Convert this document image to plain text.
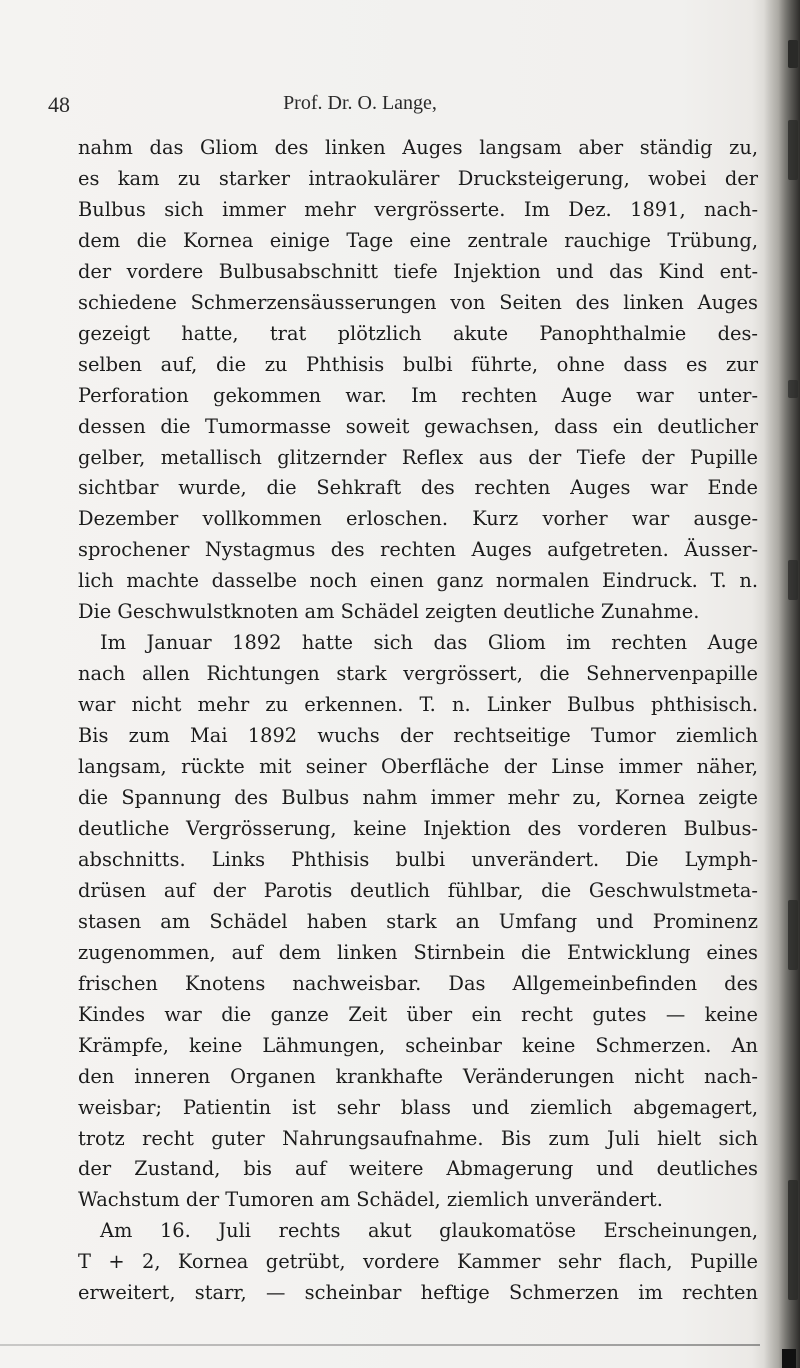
48	Prof. Dr. O. Lange,
nahm das Gliom des linken Auges langsam aber ständig zu,
es kam zu starker intraokulärer Drucksteigerung, wobei der
Bulbus sich immer mehr vergrösserte. Im Dez. 1891, nach-
dem die Kornea einige Tage eine zentrale rauchige Trübung,
der vordere Bulbusabschnitt tiefe Injektion und das Kind ent-
schiedene Schmerzensäusserungen von Seiten des linken Auges
gezeigt hatte, trat plötzlich akute Panophthalmie des-
selben auf, die zu Phthisis bulbi führte, ohne dass es zur
Perforation gekommen war. Im rechten Auge war unter-
dessen die Tumormasse soweit gewachsen, dass ein deutlicher
gelber, metallisch glitzernder Reflex aus der Tiefe der Pupille
sichtbar wurde, die Sehkraft des rechten Auges war Ende
Dezember vollkommen erloschen. Kurz vorher war ausge-
sprochener Nystagmus des rechten Auges aufgetreten. Äusser-
lich machte dasselbe noch einen ganz normalen Eindruck. T. n.
Die Geschwulstknoten am Schädel zeigten deutliche Zunahme.
Im Januar 1892 hatte sich das Gliom im rechten Auge
nach allen Richtungen stark vergrössert, die Sehnervenpapille
war nicht mehr zu erkennen. T. n. Linker Bulbus phthisisch.
Bis zum Mai 1892 wuchs der rechtseitige Tumor ziemlich
langsam, rückte mit seiner Oberfläche der Linse immer näher,
die Spannung des Bulbus nahm immer mehr zu, Kornea zeigte
deutliche Vergrösserung, keine Injektion des vorderen Bulbus-
abschnitts. Links Phthisis bulbi unverändert. Die Lymph-
drüsen auf der Parotis deutlich fühlbar, die Geschwulstmeta-
stasen am Schädel haben stark an Umfang und Prominenz
zugenommen, auf dem linken Stirnbein die Entwicklung eines
frischen Knotens nachweisbar. Das Allgemeinbefinden des
Kindes war die ganze Zeit über ein recht gutes — keine
Krämpfe, keine Lähmungen, scheinbar keine Schmerzen. An
den inneren Organen krankhafte Veränderungen nicht nach-
weisbar; Patientin ist sehr blass und ziemlich abgemagert,
trotz recht guter Nahrungsaufnahme. Bis zum Juli hielt sich
der Zustand, bis auf weitere Abmagerung und deutliches
Wachstum der Tumoren am Schädel, ziemlich unverändert.
Am 16. Juli rechts akut glaukomatöse Erscheinungen,
T + 2, Kornea getrübt, vordere Kammer sehr flach, Pupille
erweitert, starr, — scheinbar heftige Schmerzen im rechten
